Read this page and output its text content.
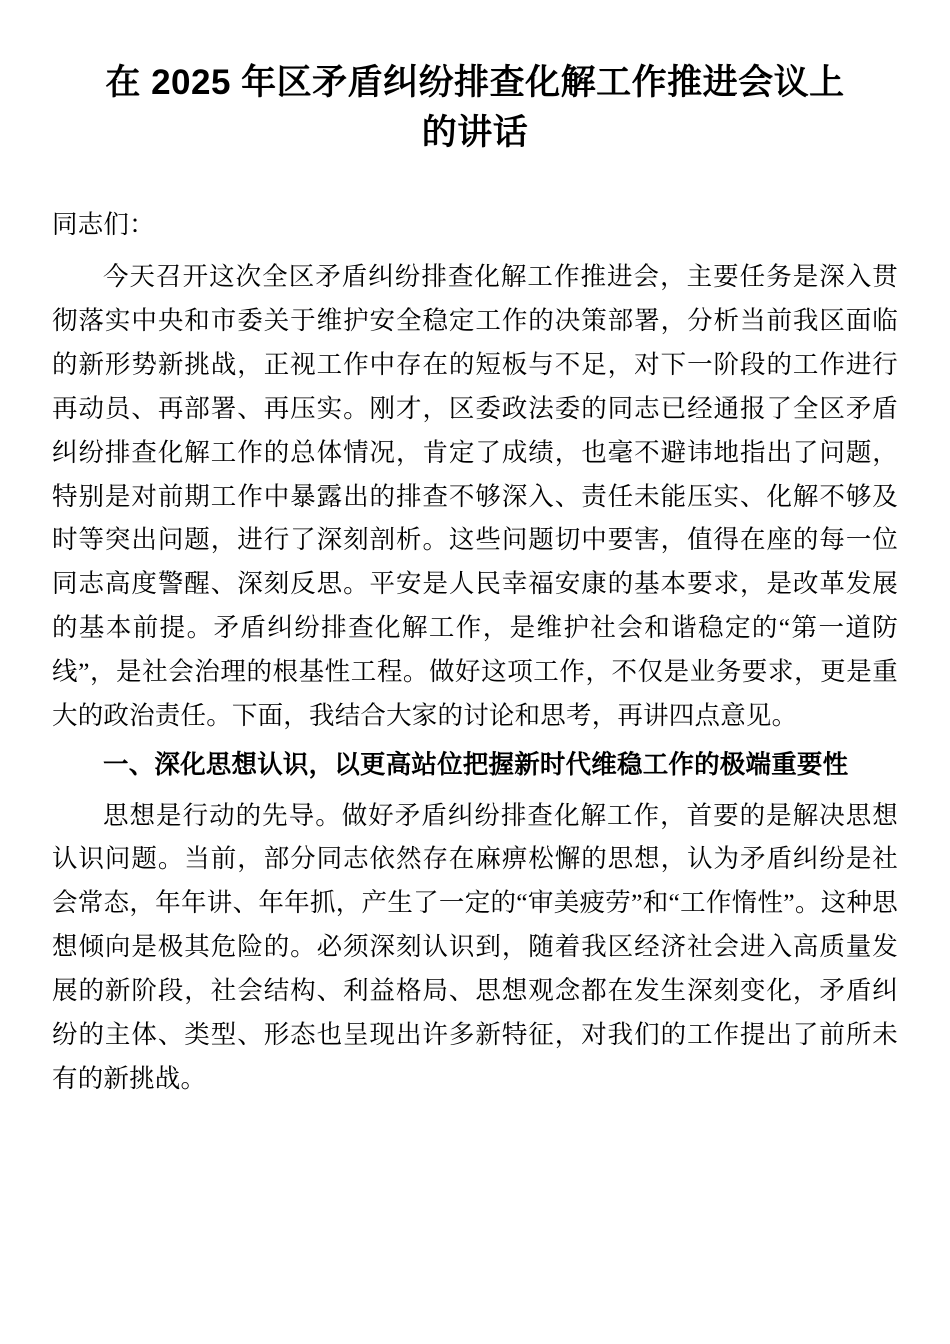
在 2025 年区矛盾纠纷排查化解工作推进会议上的讲话

同志们：

今天召开这次全区矛盾纠纷排查化解工作推进会，主要任务是深入贯彻落实中央和市委关于维护安全稳定工作的决策部署，分析当前我区面临的新形势新挑战，正视工作中存在的短板与不足，对下一阶段的工作进行再动员、再部署、再压实。刚才，区委政法委的同志已经通报了全区矛盾纠纷排查化解工作的总体情况，肯定了成绩，也毫不避讳地指出了问题，特别是对前期工作中暴露出的排查不够深入、责任未能压实、化解不够及时等突出问题，进行了深刻剖析。这些问题切中要害，值得在座的每一位同志高度警醒、深刻反思。平安是人民幸福安康的基本要求，是改革发展的基本前提。矛盾纠纷排查化解工作，是维护社会和谐稳定的“第一道防线”，是社会治理的根基性工程。做好这项工作，不仅是业务要求，更是重大的政治责任。下面，我结合大家的讨论和思考，再讲四点意见。

一、深化思想认识，以更高站位把握新时代维稳工作的极端重要性

思想是行动的先导。做好矛盾纠纷排查化解工作，首要的是解决思想认识问题。当前，部分同志依然存在麻痹松懈的思想，认为矛盾纠纷是社会常态，年年讲、年年抓，产生了一定的“审美疲劳”和“工作惰性”。这种思想倾向是极其危险的。必须深刻认识到，随着我区经济社会进入高质量发展的新阶段，社会结构、利益格局、思想观念都在发生深刻变化，矛盾纠纷的主体、类型、形态也呈现出许多新特征，对我们的工作提出了前所未有的新挑战。
